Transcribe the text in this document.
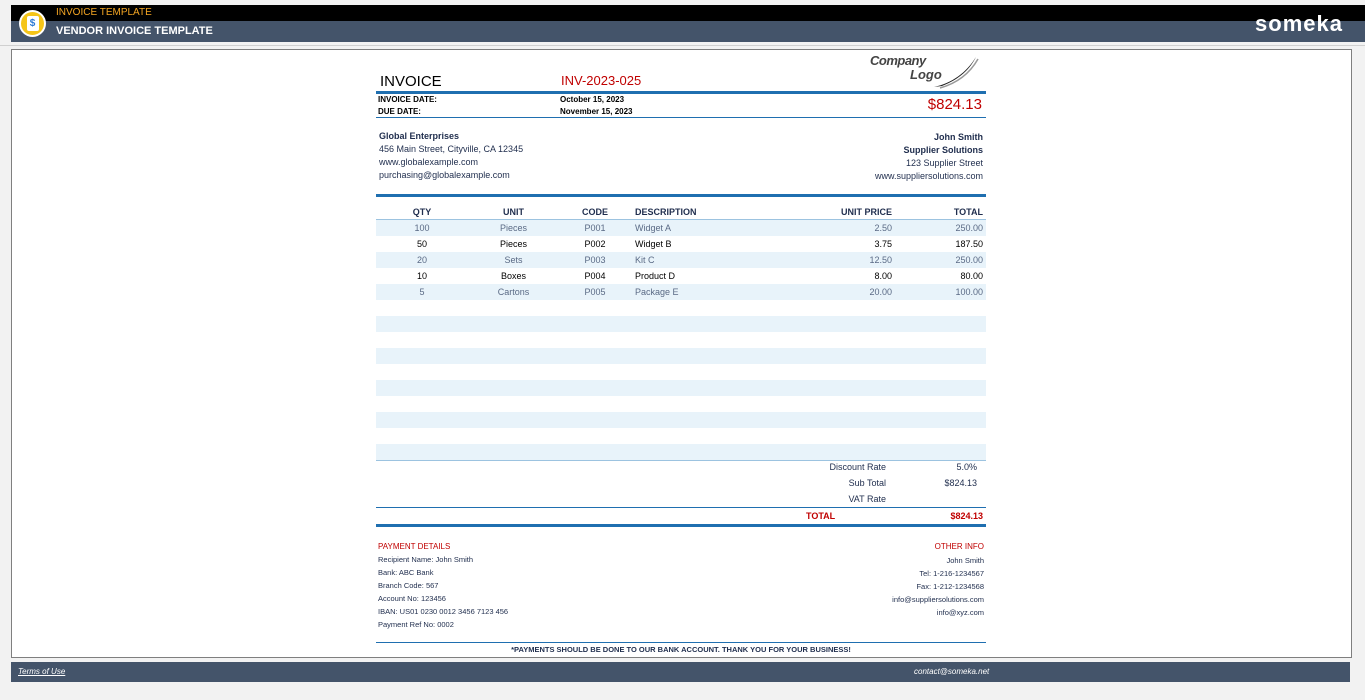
$
INVOICE TEMPLATE
VENDOR INVOICE TEMPLATE	someka
INVOICE	INV-2023-025
Company
Logo
INVOICE DATE:	October 15, 2023
DUE DATE:	November 15, 2023	$824.13
Global Enterprises
456 Main Street, Cityville, CA 12345
www.globalexample.com
purchasing@globalexample.com
John Smith
Supplier Solutions
123 Supplier Street
www.suppliersolutions.com
QTY	UNIT	CODE	DESCRIPTION	UNIT PRICE	TOTAL
100	Pieces	P001	Widget A	2.50	250.00
50	Pieces	P002	Widget B	3.75	187.50
20	Sets	P003	Kit C	12.50	250.00
10	Boxes	P004	Product D	8.00	80.00
5	Cartons	P005	Package E	20.00	100.00
Discount Rate	5.0%
Sub Total	$824.13
VAT Rate
TOTAL	$824.13
PAYMENT DETAILS
Recipient Name: John Smith
Bank: ABC Bank
Branch Code: 567
Account No: 123456
IBAN: US01 0230 0012 3456 7123 456
Payment Ref No: 0002
OTHER INFO
John Smith
Tel: 1-216-1234567
Fax: 1-212-1234568
info@suppliersolutions.com
info@xyz.com
*PAYMENTS SHOULD BE DONE TO OUR BANK ACCOUNT. THANK YOU FOR YOUR BUSINESS!
Terms of Use	contact@someka.net
